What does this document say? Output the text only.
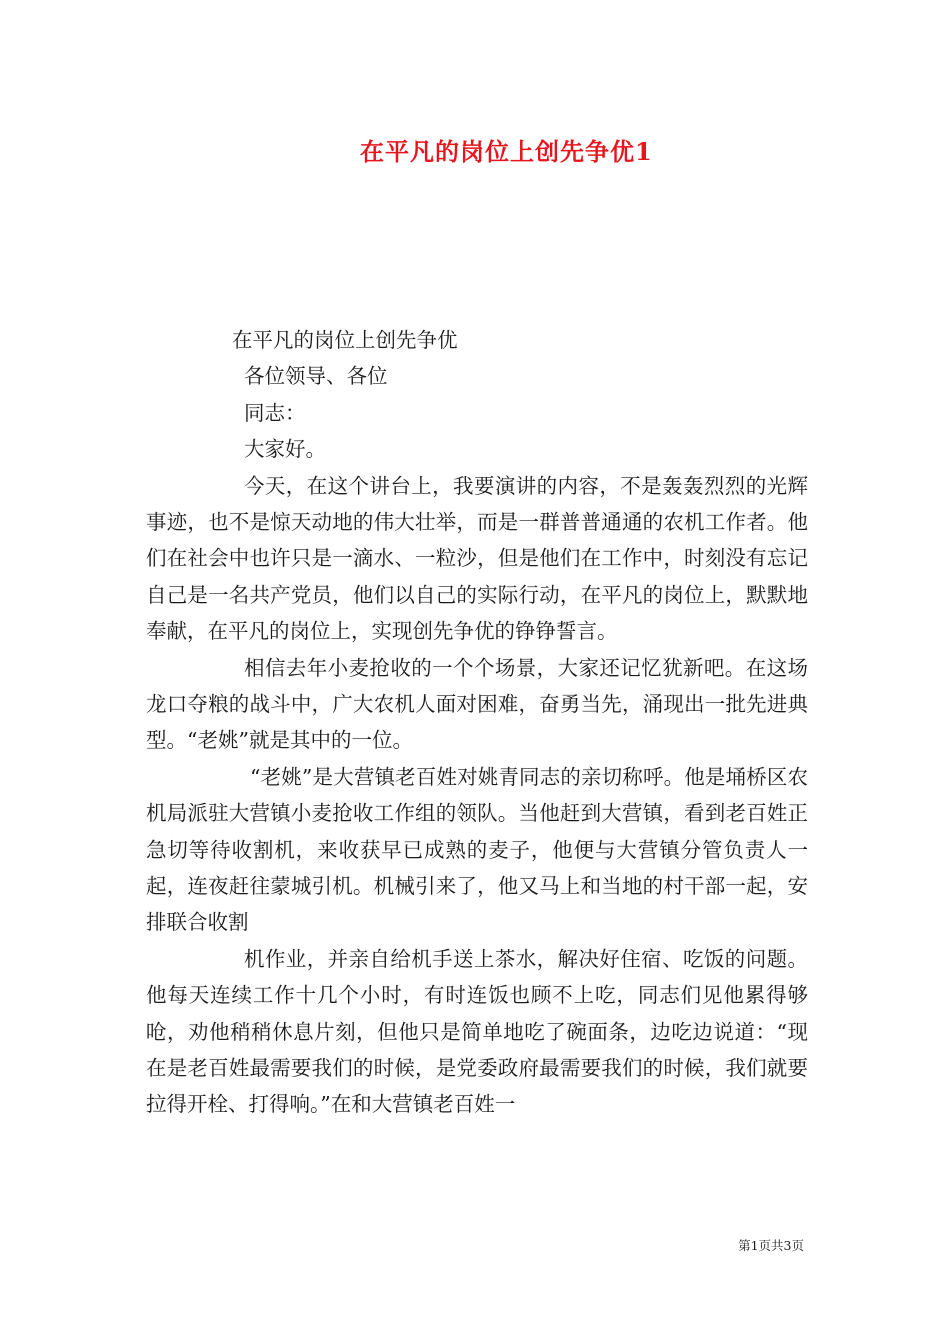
在平凡的岗位上创先争优1
在平凡的岗位上创先争优
各位领导、各位
同志：
大家好。

今天，在这个讲台上，我要演讲的内容，不是轰轰烈烈的光辉事迹，也不是惊天动地的伟大壮举，而是一群普普通通的农机工作者。他们在社会中也许只是一滴水、一粒沙，但是他们在工作中，时刻没有忘记自己是一名共产党员，他们以自己的实际行动，在平凡的岗位上，默默地奉献，在平凡的岗位上，实现创先争优的铮铮誓言。

相信去年小麦抢收的一个个场景，大家还记忆犹新吧。在这场龙口夺粮的战斗中，广大农机人面对困难，奋勇当先，涌现出一批先进典型。“老姚”就是其中的一位。

“老姚”是大营镇老百姓对姚青同志的亲切称呼。他是埇桥区农机局派驻大营镇小麦抢收工作组的领队。当他赶到大营镇，看到老百姓正急切等待收割机，来收获早已成熟的麦子，他便与大营镇分管负责人一起，连夜赶往蒙城引机。机械引来了，他又马上和当地的村干部一起，安排联合收割

机作业，并亲自给机手送上茶水，解决好住宿、吃饭的问题。他每天连续工作十几个小时，有时连饭也顾不上吃，同志们见他累得够呛，劝他稍稍休息片刻，但他只是简单地吃了碗面条，边吃边说道：“现在是老百姓最需要我们的时候，是党委政府最需要我们的时候，我们就要拉得开栓、打得响。”在和大营镇老百姓一

第1页共3页
